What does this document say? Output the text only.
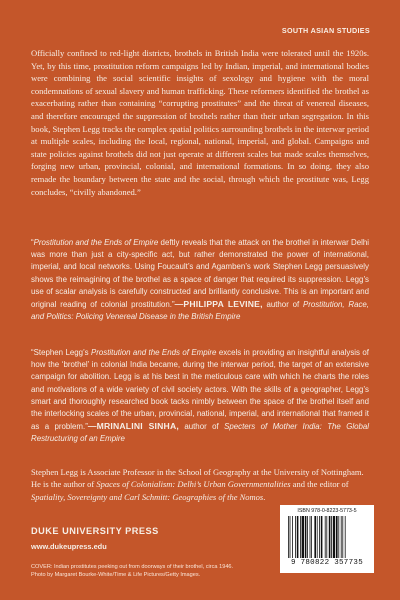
SOUTH ASIAN STUDIES

Officially confined to red-light districts, brothels in British India were tolerated until the 1920s. Yet, by this time, prostitution reform campaigns led by Indian, imperial, and international bodies were combining the social scientific insights of sexology and hygiene with the moral condemnations of sexual slavery and human trafficking. These reformers identified the brothel as exacerbating rather than containing “corrupting prostitutes” and the threat of venereal diseases, and therefore encouraged the suppression of brothels rather than their urban segregation. In this book, Stephen Legg tracks the complex spatial politics surrounding brothels in the interwar period at multiple scales, including the local, regional, national, imperial, and global. Campaigns and state policies against brothels did not just operate at different scales but made scales themselves, forging new urban, provincial, colonial, and international formations. In so doing, they also remade the boundary between the state and the social, through which the prostitute was, Legg concludes, “civilly abandoned.”

“Prostitution and the Ends of Empire deftly reveals that the attack on the brothel in interwar Delhi was more than just a city-specific act, but rather demonstrated the power of international, imperial, and local networks. Using Foucault’s and Agamben’s work Stephen Legg persuasively shows the reimagining of the brothel as a space of danger that required its suppression. Legg’s use of scalar analysis is carefully constructed and brilliantly conclusive. This is an important and original reading of colonial prostitution.”—PHILIPPA LEVINE, author of Prostitution, Race, and Politics: Policing Venereal Disease in the British Empire

“Stephen Legg’s Prostitution and the Ends of Empire excels in providing an insightful analysis of how the ‘brothel’ in colonial India became, during the interwar period, the target of an extensive campaign for abolition. Legg is at his best in the meticulous care with which he charts the roles and motivations of a wide variety of civil society actors. With the skills of a geographer, Legg’s smart and thoroughly researched book tacks nimbly between the space of the brothel itself and the interlocking scales of the urban, provincial, national, imperial, and international that framed it as a problem.”—MRINALINI SINHA, author of Specters of Mother India: The Global Restructuring of an Empire

Stephen Legg is Associate Professor in the School of Geography at the University of Nottingham. He is the author of Spaces of Colonialism: Delhi’s Urban Governmentalities and the editor of Spatiality, Sovereignty and Carl Schmitt: Geographies of the Nomos.

DUKE UNIVERSITY PRESS
www.dukeupress.edu
COVER: Indian prostitutes peeking out from doorways of their brothel, circa 1946.
Photo by Margaret Bourke-White/Time & Life Pictures/Getty Images.
ISBN 978-0-8223-5773-5
9 780822 357735
